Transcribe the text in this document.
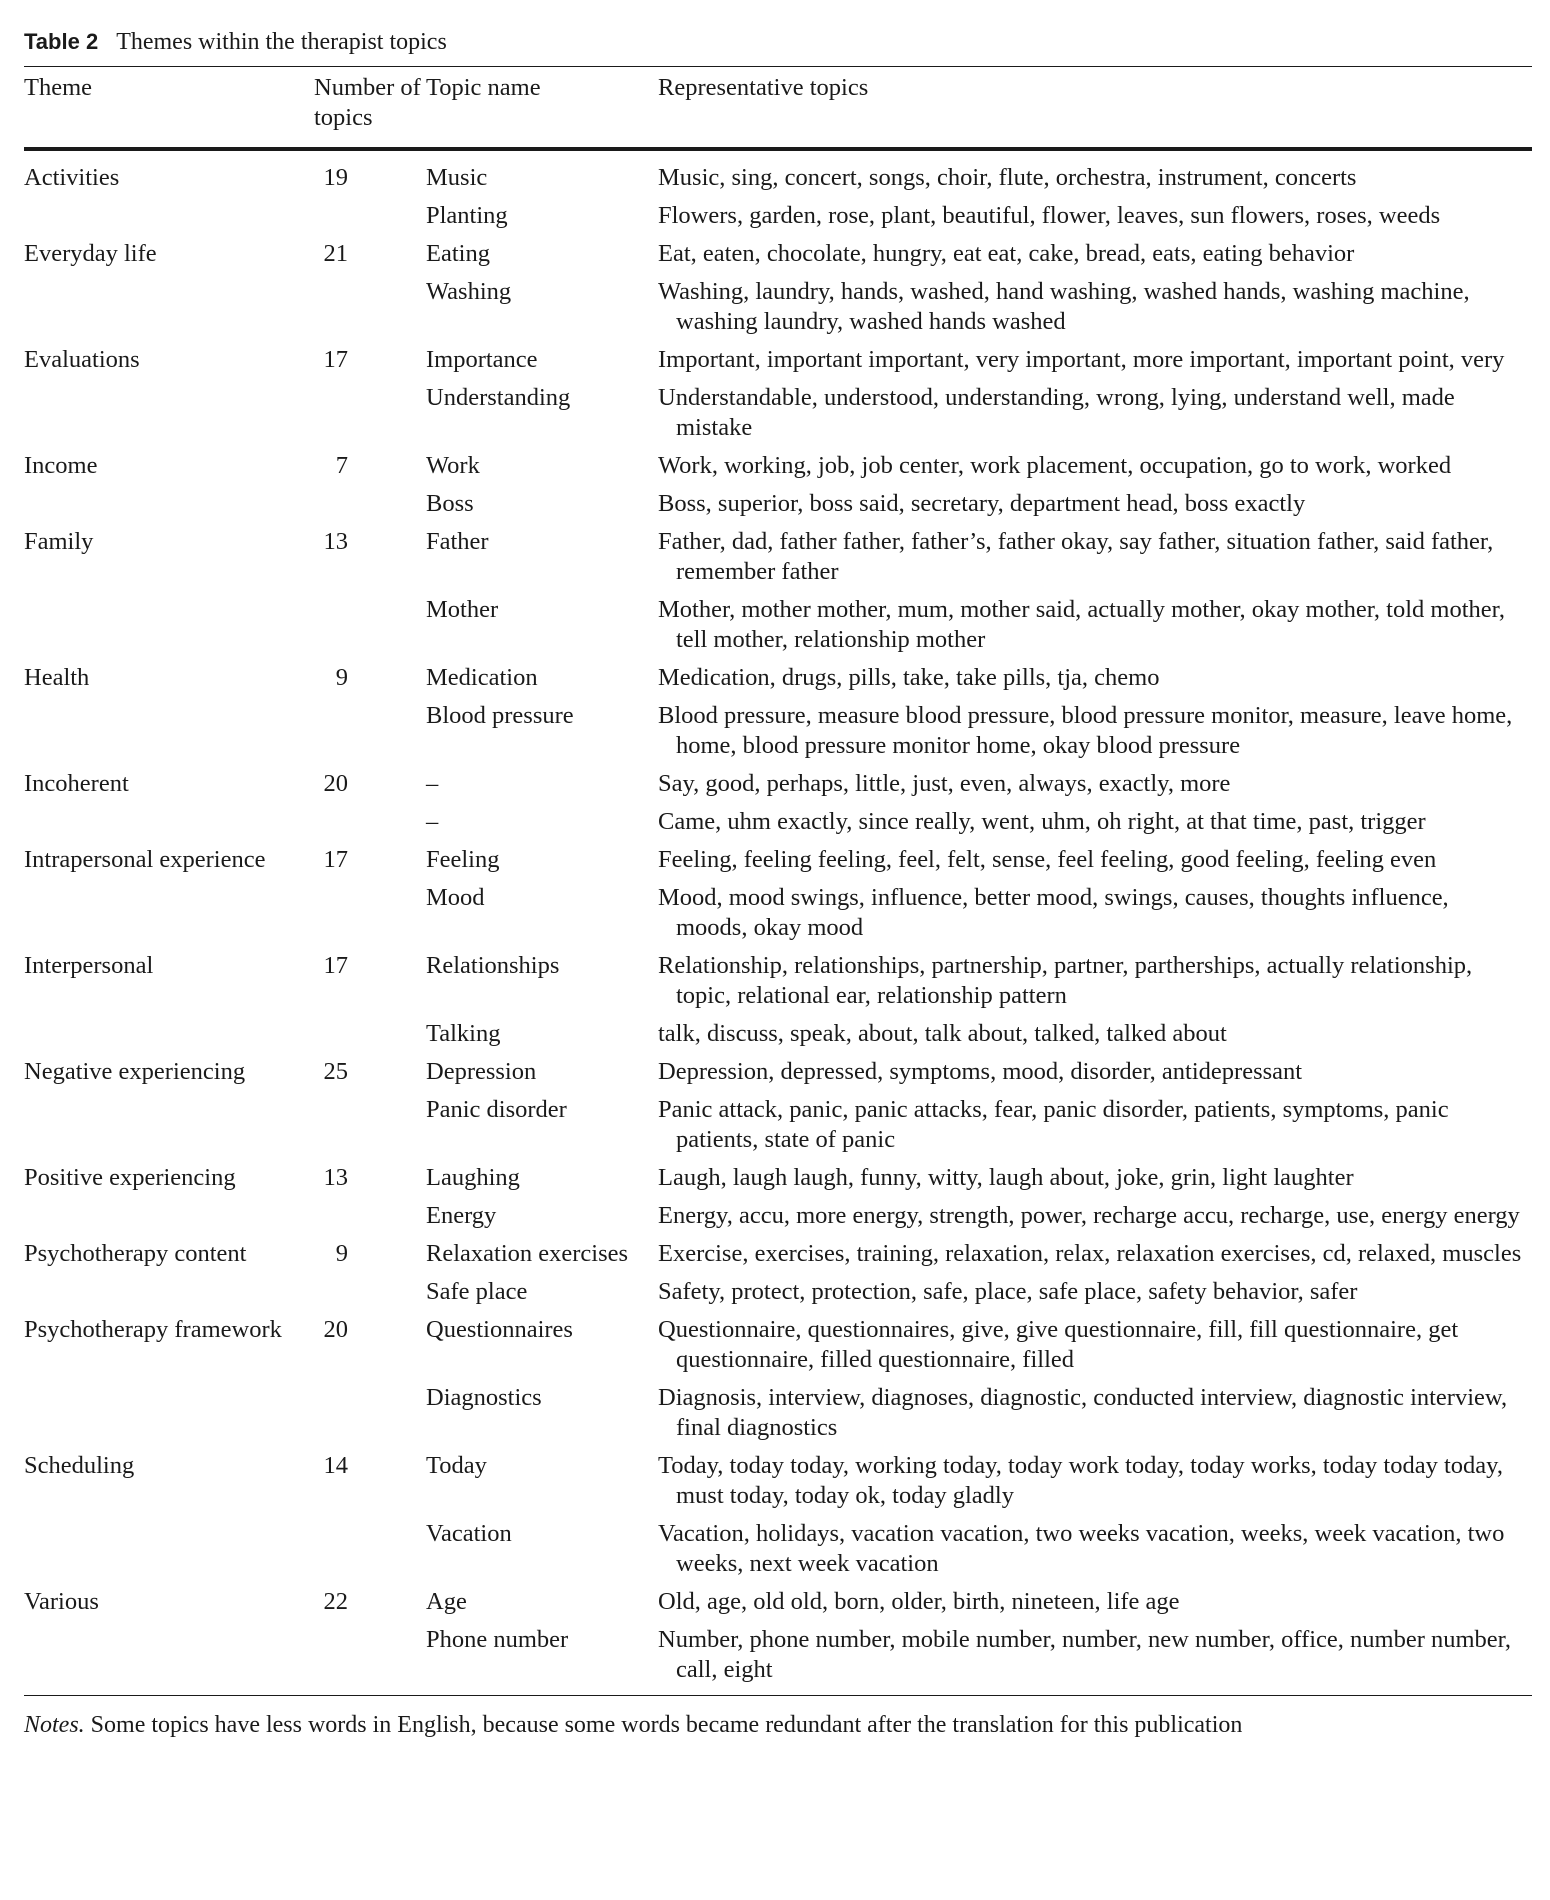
Table 2 Themes within the therapist topics
Theme	Number of topics	Topic name	Representative topics
Activities	19	Music	Music, sing, concert, songs, choir, flute, orchestra, instrument, concerts
		Planting	Flowers, garden, rose, plant, beautiful, flower, leaves, sun flowers, roses, weeds
Everyday life	21	Eating	Eat, eaten, chocolate, hungry, eat eat, cake, bread, eats, eating behavior
		Washing	Washing, laundry, hands, washed, hand washing, washed hands, washing machine, washing laundry, washed hands washed
Evaluations	17	Importance	Important, important important, very important, more important, important point, very
		Understanding	Understandable, understood, understanding, wrong, lying, understand well, made mistake
Income	7	Work	Work, working, job, job center, work placement, occupation, go to work, worked
		Boss	Boss, superior, boss said, secretary, department head, boss exactly
Family	13	Father	Father, dad, father father, father’s, father okay, say father, situation father, said father, remember father
		Mother	Mother, mother mother, mum, mother said, actually mother, okay mother, told mother, tell mother, relationship mother
Health	9	Medication	Medication, drugs, pills, take, take pills, tja, chemo
		Blood pressure	Blood pressure, measure blood pressure, blood pressure monitor, measure, leave home, home, blood pressure monitor home, okay blood pressure
Incoherent	20	–	Say, good, perhaps, little, just, even, always, exactly, more
		–	Came, uhm exactly, since really, went, uhm, oh right, at that time, past, trigger
Intrapersonal experience	17	Feeling	Feeling, feeling feeling, feel, felt, sense, feel feeling, good feeling, feeling even
		Mood	Mood, mood swings, influence, better mood, swings, causes, thoughts influence, moods, okay mood
Interpersonal	17	Relationships	Relationship, relationships, partnership, partner, partherships, actually relationship, topic, relational ear, relationship pattern
		Talking	talk, discuss, speak, about, talk about, talked, talked about
Negative experiencing	25	Depression	Depression, depressed, symptoms, mood, disorder, antidepressant
		Panic disorder	Panic attack, panic, panic attacks, fear, panic disorder, patients, symptoms, panic patients, state of panic
Positive experiencing	13	Laughing	Laugh, laugh laugh, funny, witty, laugh about, joke, grin, light laughter
		Energy	Energy, accu, more energy, strength, power, recharge accu, recharge, use, energy energy
Psychotherapy content	9	Relaxation exercises	Exercise, exercises, training, relaxation, relax, relaxation exercises, cd, relaxed, muscles
		Safe place	Safety, protect, protection, safe, place, safe place, safety behavior, safer
Psychotherapy framework	20	Questionnaires	Questionnaire, questionnaires, give, give questionnaire, fill, fill questionnaire, get questionnaire, filled questionnaire, filled
		Diagnostics	Diagnosis, interview, diagnoses, diagnostic, conducted interview, diagnostic interview, final diagnostics
Scheduling	14	Today	Today, today today, working today, today work today, today works, today today today, must today, today ok, today gladly
		Vacation	Vacation, holidays, vacation vacation, two weeks vacation, weeks, week vacation, two weeks, next week vacation
Various	22	Age	Old, age, old old, born, older, birth, nineteen, life age
		Phone number	Number, phone number, mobile number, number, new number, office, number number, call, eight
Notes. Some topics have less words in English, because some words became redundant after the translation for this publication
